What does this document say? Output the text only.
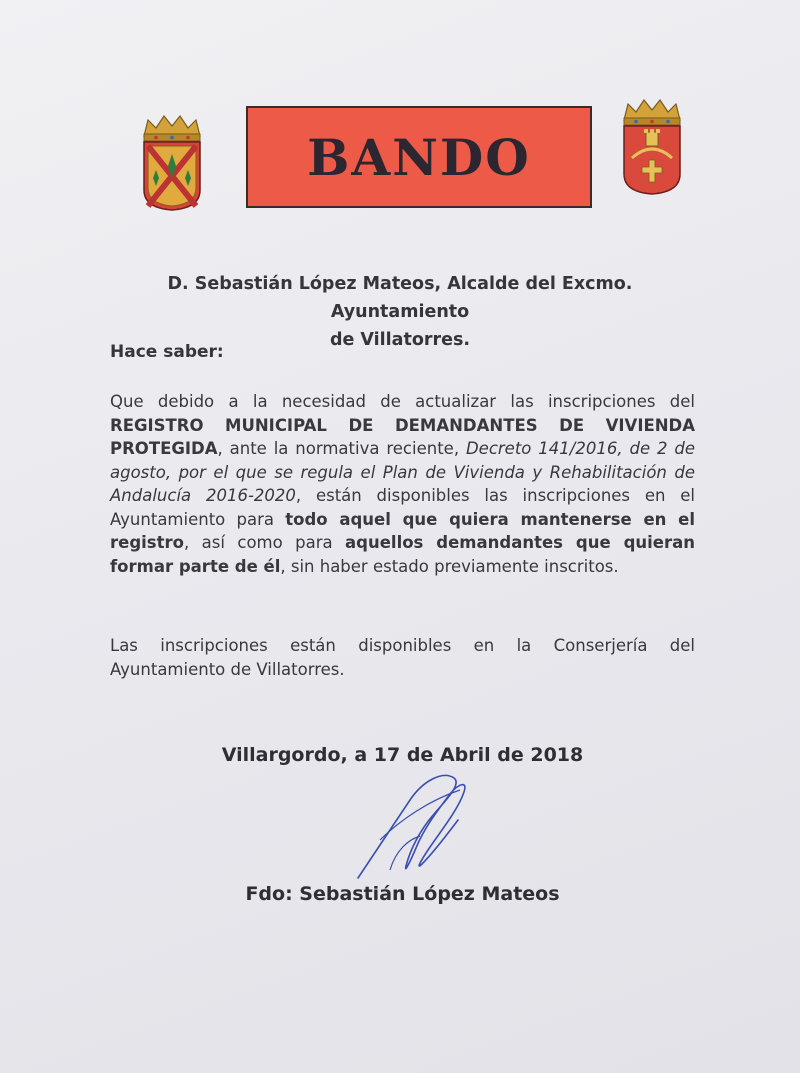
BANDO
D. Sebastián López Mateos, Alcalde del Excmo. Ayuntamiento
de Villatorres.
Hace saber:
Que debido a la necesidad de actualizar las inscripciones del REGISTRO MUNICIPAL DE DEMANDANTES DE VIVIENDA PROTEGIDA, ante la normativa reciente, Decreto 141/2016, de 2 de agosto, por el que se regula el Plan de Vivienda y Rehabilitación de Andalucía 2016-2020, están disponibles las inscripciones en el Ayuntamiento para todo aquel que quiera mantenerse en el registro, así como para aquellos demandantes que quieran formar parte de él, sin haber estado previamente inscritos.
Las inscripciones están disponibles en la Conserjería del Ayuntamiento de Villatorres.
Villargordo, a 17 de Abril de 2018
Fdo: Sebastián López Mateos
